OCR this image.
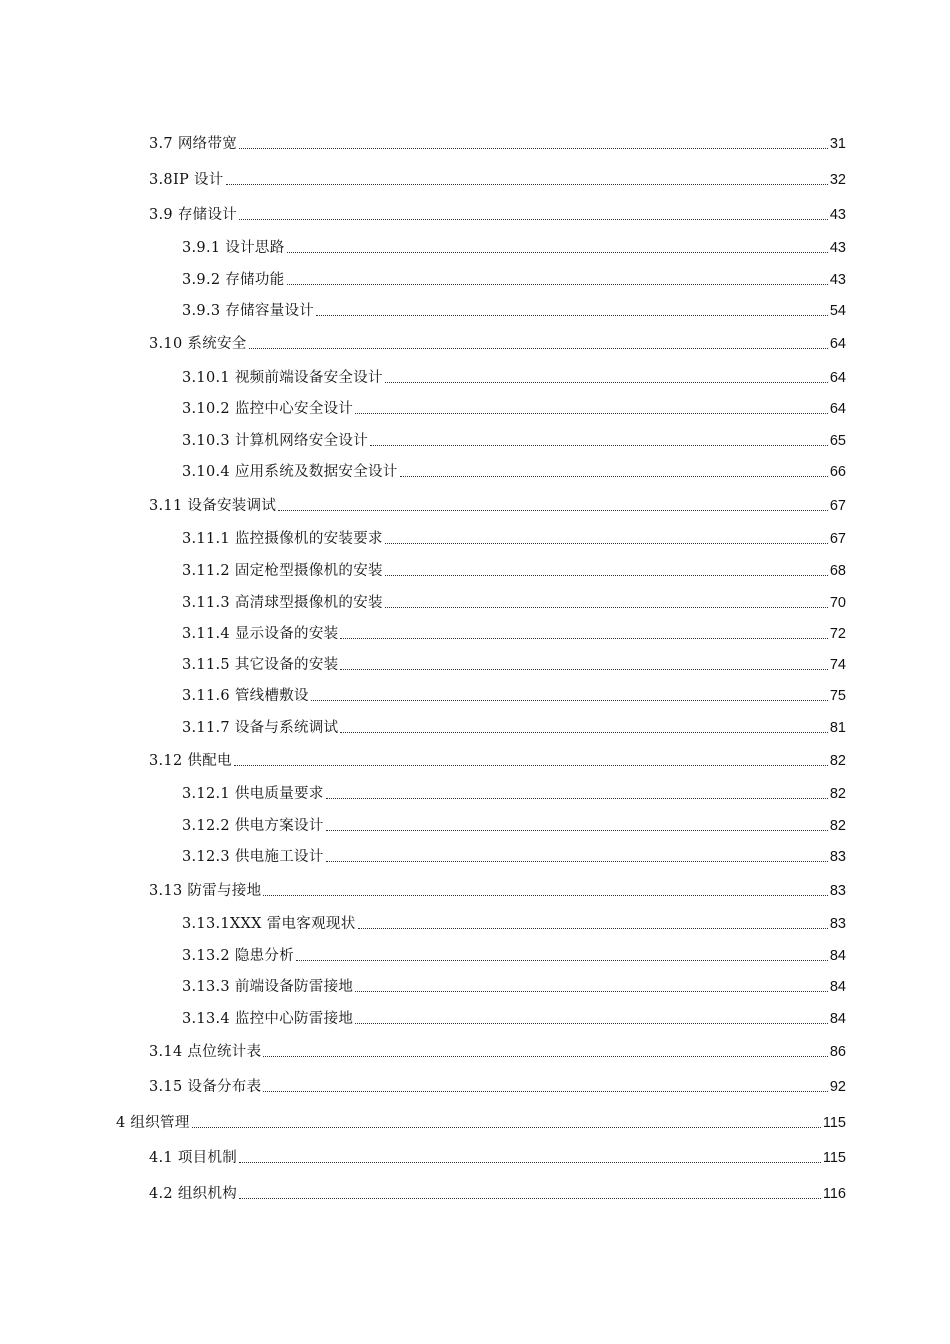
3.7 网络带宽	31
3.8IP 设计	32
3.9 存储设计	43
3.9.1 设计思路	43
3.9.2 存储功能	43
3.9.3 存储容量设计	54
3.10 系统安全	64
3.10.1 视频前端设备安全设计	64
3.10.2 监控中心安全设计	64
3.10.3 计算机网络安全设计	65
3.10.4 应用系统及数据安全设计	66
3.11 设备安装调试	67
3.11.1 监控摄像机的安装要求	67
3.11.2 固定枪型摄像机的安装	68
3.11.3 高清球型摄像机的安装	70
3.11.4 显示设备的安装	72
3.11.5 其它设备的安装	74
3.11.6 管线槽敷设	75
3.11.7 设备与系统调试	81
3.12 供配电	82
3.12.1 供电质量要求	82
3.12.2 供电方案设计	82
3.12.3 供电施工设计	83
3.13 防雷与接地	83
3.13.1XXX 雷电客观现状	83
3.13.2 隐患分析	84
3.13.3 前端设备防雷接地	84
3.13.4 监控中心防雷接地	84
3.14 点位统计表	86
3.15 设备分布表	92
4 组织管理	115
4.1 项目机制	115
4.2 组织机构	116
